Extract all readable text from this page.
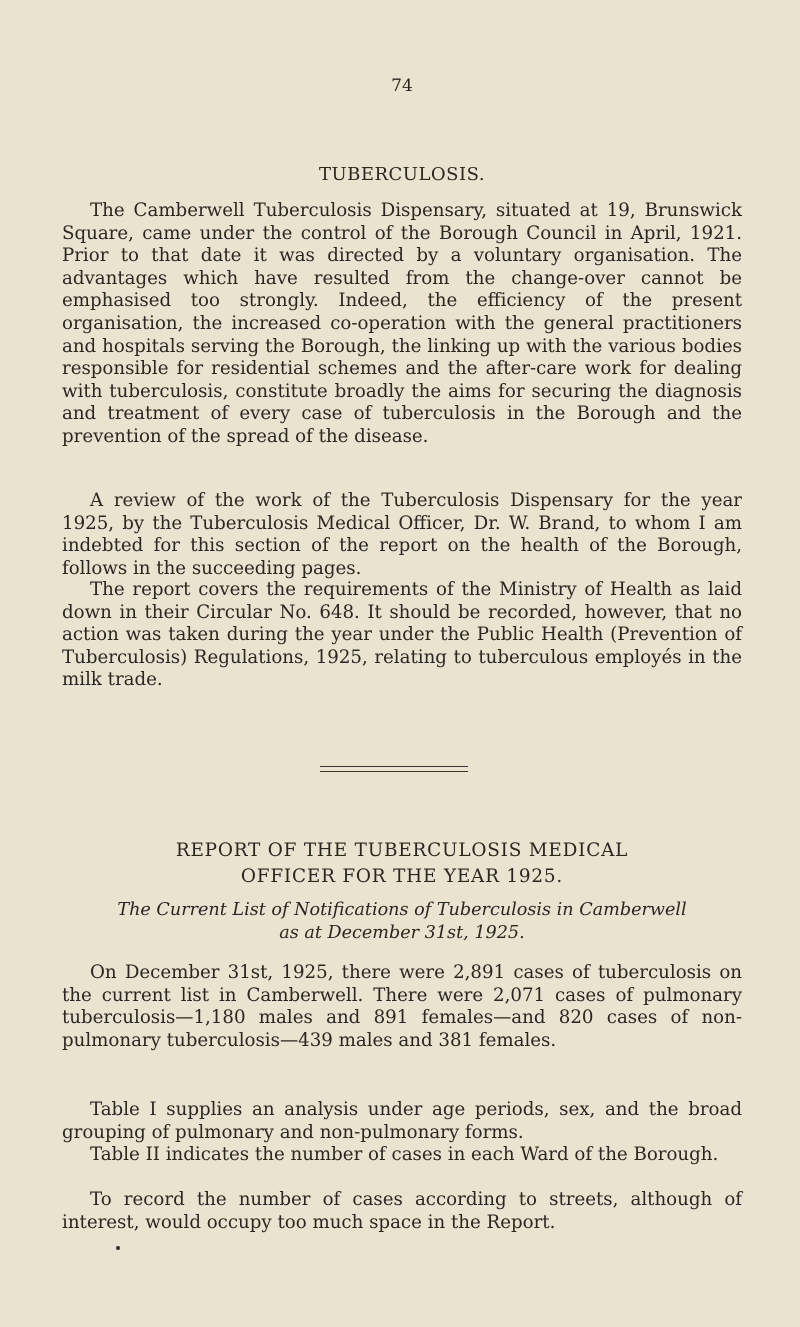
74
TUBERCULOSIS.

The Camberwell Tuberculosis Dispensary, situated at 19, Brunswick Square, came under the control of the Borough Council in April, 1921. Prior to that date it was directed by a voluntary organisation. The advantages which have resulted from the change-over cannot be emphasised too strongly. Indeed, the efficiency of the present organisation, the increased co-operation with the general practitioners and hospitals serving the Borough, the linking up with the various bodies responsible for residential schemes and the after-care work for dealing with tuberculosis, constitute broadly the aims for securing the diagnosis and treatment of every case of tuberculosis in the Borough and the prevention of the spread of the disease.

A review of the work of the Tuberculosis Dispensary for the year 1925, by the Tuberculosis Medical Officer, Dr. W. Brand, to whom I am indebted for this section of the report on the health of the Borough, follows in the succeeding pages.

The report covers the requirements of the Ministry of Health as laid down in their Circular No. 648. It should be recorded, however, that no action was taken during the year under the Public Health (Prevention of Tuberculosis) Regulations, 1925, relating to tuberculous employés in the milk trade.

REPORT OF THE TUBERCULOSIS MEDICAL
OFFICER FOR THE YEAR 1925.
The Current List of Notifications of Tuberculosis in Camberwell
as at December 31st, 1925.

On December 31st, 1925, there were 2,891 cases of tuberculosis on the current list in Camberwell. There were 2,071 cases of pulmonary tuberculosis—1,180 males and 891 females—and 820 cases of non-pulmonary tuberculosis—439 males and 381 females.

Table I supplies an analysis under age periods, sex, and the broad grouping of pulmonary and non-pulmonary forms.

Table II indicates the number of cases in each Ward of the Borough.

To record the number of cases according to streets, although of interest, would occupy too much space in the Report.
